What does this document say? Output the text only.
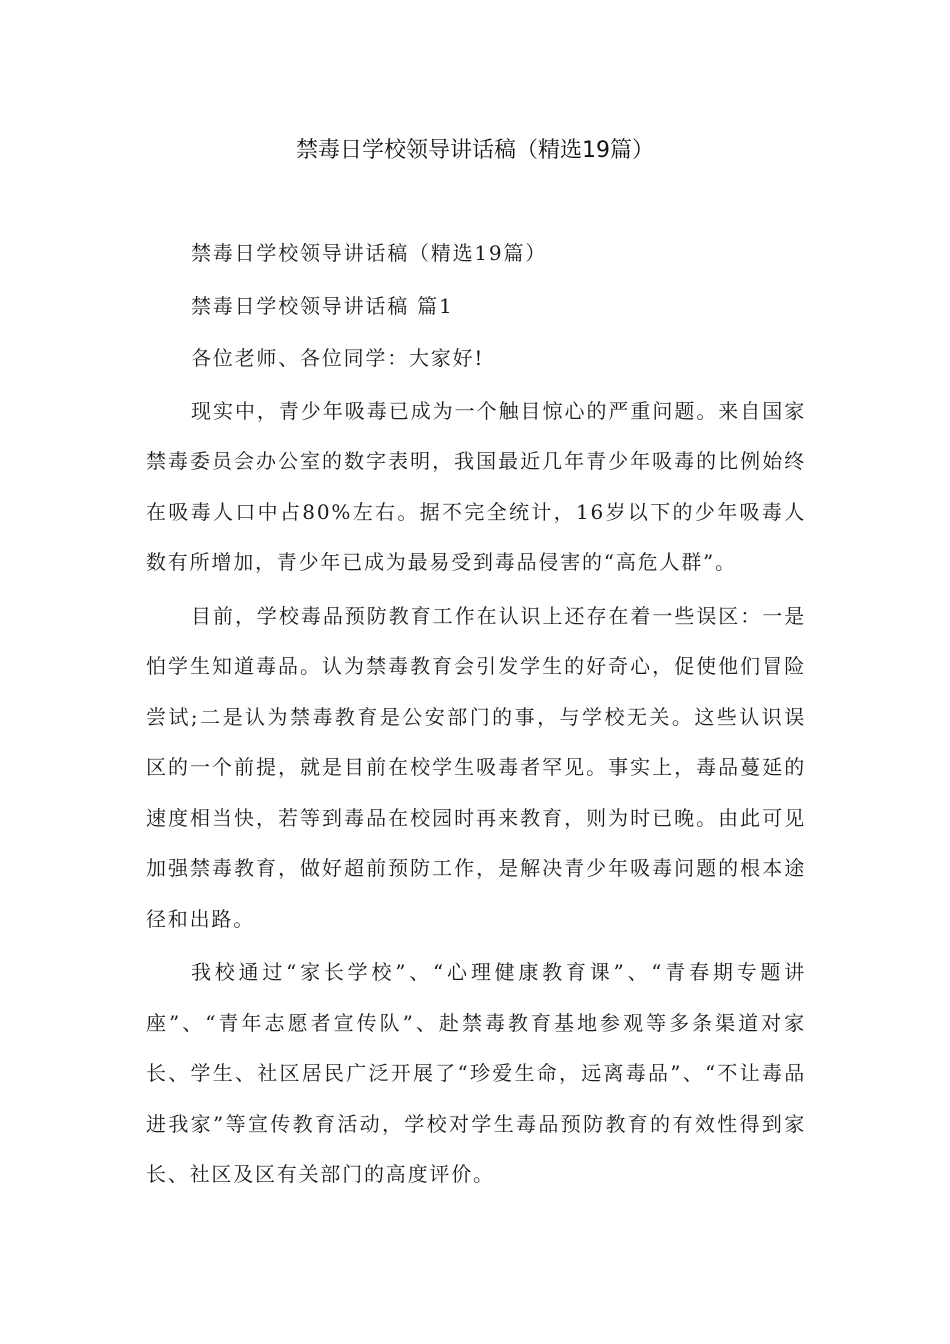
禁毒日学校领导讲话稿（精选19篇）

禁毒日学校领导讲话稿（精选19篇）

禁毒日学校领导讲话稿 篇1

各位老师、各位同学：大家好!

现实中，青少年吸毒已成为一个触目惊心的严重问题。来自国家禁毒委员会办公室的数字表明，我国最近几年青少年吸毒的比例始终在吸毒人口中占80%左右。据不完全统计，16岁以下的少年吸毒人数有所增加，青少年已成为最易受到毒品侵害的“高危人群”。

目前，学校毒品预防教育工作在认识上还存在着一些误区：一是怕学生知道毒品。认为禁毒教育会引发学生的好奇心，促使他们冒险尝试;二是认为禁毒教育是公安部门的事，与学校无关。这些认识误区的一个前提，就是目前在校学生吸毒者罕见。事实上，毒品蔓延的速度相当快，若等到毒品在校园时再来教育，则为时已晚。由此可见加强禁毒教育，做好超前预防工作，是解决青少年吸毒问题的根本途径和出路。

我校通过“家长学校”、“心理健康教育课”、“青春期专题讲座”、“青年志愿者宣传队”、赴禁毒教育基地参观等多条渠道对家长、学生、社区居民广泛开展了“珍爱生命，远离毒品”、“不让毒品进我家”等宣传教育活动，学校对学生毒品预防教育的有效性得到家长、社区及区有关部门的高度评价。
